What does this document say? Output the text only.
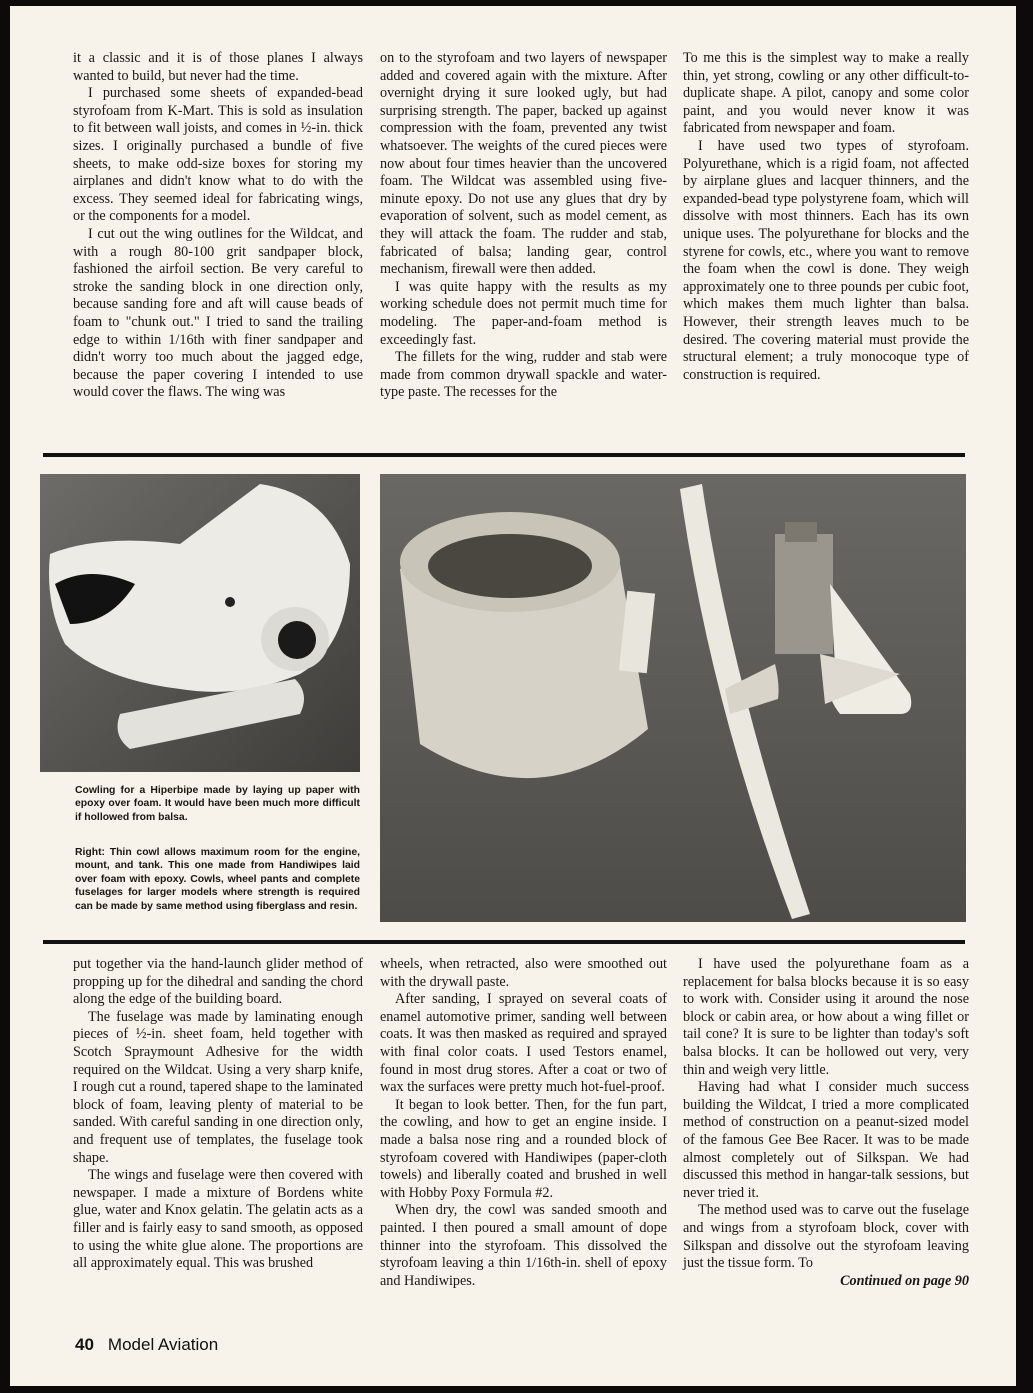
it a classic and it is of those planes I always wanted to build, but never had the time.

I purchased some sheets of expanded-bead styrofoam from K-Mart. This is sold as insulation to fit between wall joists, and comes in ½-in. thick sizes. I originally purchased a bundle of five sheets, to make odd-size boxes for storing my airplanes and didn't know what to do with the excess. They seemed ideal for fabricating wings, or the components for a model.

I cut out the wing outlines for the Wildcat, and with a rough 80-100 grit sandpaper block, fashioned the airfoil section. Be very careful to stroke the sanding block in one direction only, because sanding fore and aft will cause beads of foam to "chunk out." I tried to sand the trailing edge to within 1/16th with finer sandpaper and didn't worry too much about the jagged edge, because the paper covering I intended to use would cover the flaws. The wing was

on to the styrofoam and two layers of newspaper added and covered again with the mixture. After overnight drying it sure looked ugly, but had surprising strength. The paper, backed up against compression with the foam, prevented any twist whatsoever. The weights of the cured pieces were now about four times heavier than the uncovered foam. The Wildcat was assembled using five-minute epoxy. Do not use any glues that dry by evaporation of solvent, such as model cement, as they will attack the foam. The rudder and stab, fabricated of balsa; landing gear, control mechanism, firewall were then added.

I was quite happy with the results as my working schedule does not permit much time for modeling. The paper-and-foam method is exceedingly fast.

The fillets for the wing, rudder and stab were made from common drywall spackle and water-type paste. The recesses for the

To me this is the simplest way to make a really thin, yet strong, cowling or any other difficult-to-duplicate shape. A pilot, canopy and some color paint, and you would never know it was fabricated from newspaper and foam.

I have used two types of styrofoam. Polyurethane, which is a rigid foam, not affected by airplane glues and lacquer thinners, and the expanded-bead type polystyrene foam, which will dissolve with most thinners. Each has its own unique uses. The polyurethane for blocks and the styrene for cowls, etc., where you want to remove the foam when the cowl is done. They weigh approximately one to three pounds per cubic foot, which makes them much lighter than balsa. However, their strength leaves much to be desired. The covering material must provide the structural element; a truly monocoque type of construction is required.

Cowling for a Hiperbipe made by laying up paper with epoxy over foam. It would have been much more difficult if hollowed from balsa.

Right: Thin cowl allows maximum room for the engine, mount, and tank. This one made from Handiwipes laid over foam with epoxy. Cowls, wheel pants and complete fuselages for larger models where strength is required can be made by same method using fiberglass and resin.

put together via the hand-launch glider method of propping up for the dihedral and sanding the chord along the edge of the building board.

The fuselage was made by laminating enough pieces of ½-in. sheet foam, held together with Scotch Spraymount Adhesive for the width required on the Wildcat. Using a very sharp knife, I rough cut a round, tapered shape to the laminated block of foam, leaving plenty of material to be sanded. With careful sanding in one direction only, and frequent use of templates, the fuselage took shape.

The wings and fuselage were then covered with newspaper. I made a mixture of Bordens white glue, water and Knox gelatin. The gelatin acts as a filler and is fairly easy to sand smooth, as opposed to using the white glue alone. The proportions are all approximately equal. This was brushed

wheels, when retracted, also were smoothed out with the drywall paste.

After sanding, I sprayed on several coats of enamel automotive primer, sanding well between coats. It was then masked as required and sprayed with final color coats. I used Testors enamel, found in most drug stores. After a coat or two of wax the surfaces were pretty much hot-fuel-proof.

It began to look better. Then, for the fun part, the cowling, and how to get an engine inside. I made a balsa nose ring and a rounded block of styrofoam covered with Handiwipes (paper-cloth towels) and liberally coated and brushed in well with Hobby Poxy Formula #2.

When dry, the cowl was sanded smooth and painted. I then poured a small amount of dope thinner into the styrofoam. This dissolved the styrofoam leaving a thin 1/16th-in. shell of epoxy and Handiwipes.

I have used the polyurethane foam as a replacement for balsa blocks because it is so easy to work with. Consider using it around the nose block or cabin area, or how about a wing fillet or tail cone? It is sure to be lighter than today's soft balsa blocks. It can be hollowed out very, very thin and weigh very little.

Having had what I consider much success building the Wildcat, I tried a more complicated method of construction on a peanut-sized model of the famous Gee Bee Racer. It was to be made almost completely out of Silkspan. We had discussed this method in hangar-talk sessions, but never tried it.

The method used was to carve out the fuselage and wings from a styrofoam block, cover with Silkspan and dissolve out the styrofoam leaving just the tissue form. To

Continued on page 90

40 Model Aviation
